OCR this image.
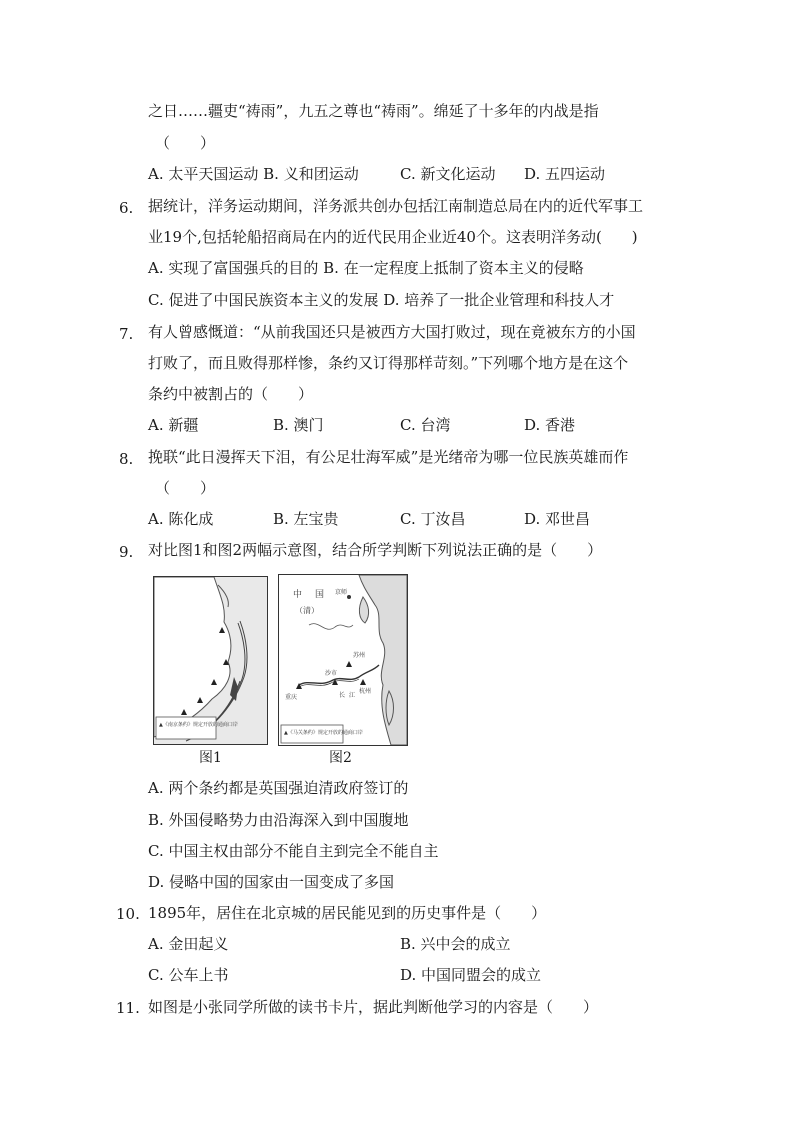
之日……疆吏“祷雨”，九五之尊也“祷雨”。绵延了十多年的内战是指
（　　）
A. 太平天国运动 B. 义和团运动	C. 新文化运动 D. 五四运动
6. 据统计，洋务运动期间，洋务派共创办包括江南制造总局在内的近代军事工
业19个,包括轮船招商局在内的近代民用企业近40个。这表明洋务动(　　)
A. 实现了富国强兵的目的 B. 在一定程度上抵制了资本主义的侵略
C. 促进了中国民族资本主义的发展 D. 培养了一批企业管理和科技人才
7. 有人曾感慨道：“从前我国还只是被西方大国打败过，现在竟被东方的小国
打败了，而且败得那样惨，条约又订得那样苛刻。”下列哪个地方是在这个
条约中被割占的（　　）
A. 新疆	B. 澳门	C. 台湾	D. 香港
8. 挽联“此日漫挥天下泪，有公足壮海军威”是光绪帝为哪一位民族英雄而作
（　　）
A. 陈化成	B. 左宝贵	C. 丁汝昌	D. 邓世昌
9. 对比图1和图2两幅示意图，结合所学判断下列说法正确的是（　　）
▲《南京条约》规定开放的通商口岸
图1
中 国
（清）
京师
苏州
沙市
重庆	长 江
杭州
▲《马关条约》规定开放的通商口岸
图2
A. 两个条约都是英国强迫清政府签订的
B. 外国侵略势力由沿海深入到中国腹地
C. 中国主权由部分不能自主到完全不能自主
D. 侵略中国的国家由一国变成了多国
10. 1895年，居住在北京城的居民能见到的历史事件是（　　）
A. 金田起义	B. 兴中会的成立
C. 公车上书	D. 中国同盟会的成立
11. 如图是小张同学所做的读书卡片，据此判断他学习的内容是（　　）
